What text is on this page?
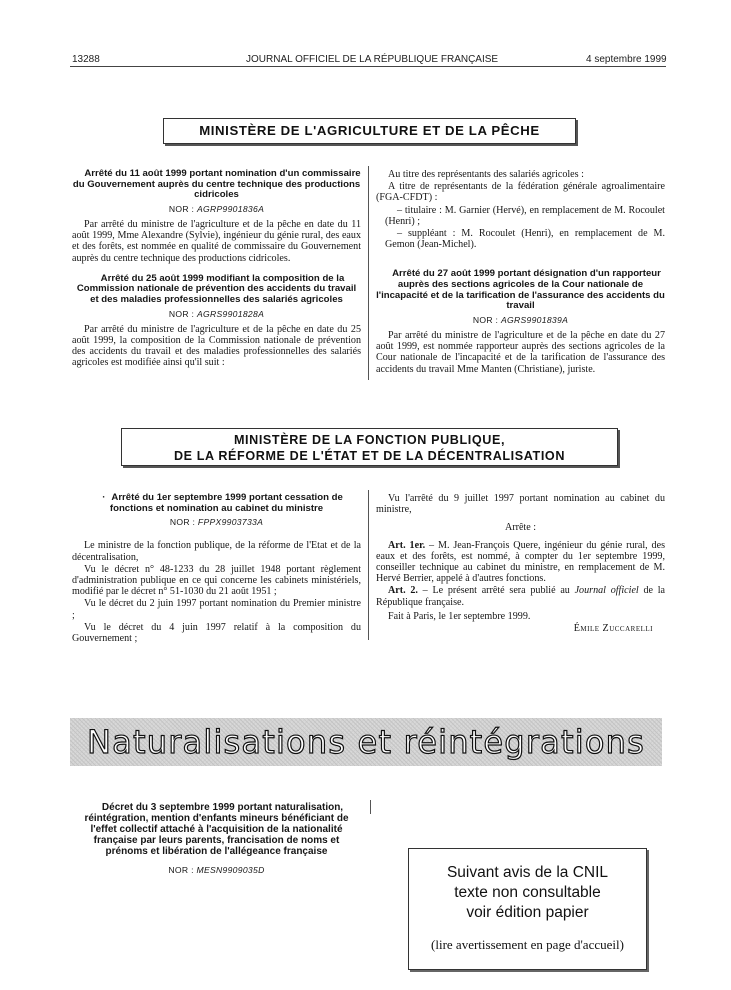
13288	JOURNAL OFFICIEL DE LA RÉPUBLIQUE FRANÇAISE	4 septembre 1999
MINISTÈRE DE L'AGRICULTURE ET DE LA PÊCHE

Arrêté du 11 août 1999 portant nomination d'un commissaire du Gouvernement auprès du centre technique des productions cidricoles

NOR : AGRP9901836A

Par arrêté du ministre de l'agriculture et de la pêche en date du 11 août 1999, Mme Alexandre (Sylvie), ingénieur du génie rural, des eaux et des forêts, est nommée en qualité de commissaire du Gouvernement auprès du centre technique des productions cidricoles.

Arrêté du 25 août 1999 modifiant la composition de la Commission nationale de prévention des accidents du travail et des maladies professionnelles des salariés agricoles

NOR : AGRS9901828A

Par arrêté du ministre de l'agriculture et de la pêche en date du 25 août 1999, la composition de la Commission nationale de prévention des accidents du travail et des maladies professionnelles des salariés agricoles est modifiée ainsi qu'il suit :

Au titre des représentants des salariés agricoles :

A titre de représentants de la fédération générale agroalimentaire (FGA-CFDT) :

– titulaire : M. Garnier (Hervé), en remplacement de M. Rocoulet (Henri) ;

– suppléant : M. Rocoulet (Henri), en remplacement de M. Gemon (Jean-Michel).

Arrêté du 27 août 1999 portant désignation d'un rapporteur auprès des sections agricoles de la Cour nationale de l'incapacité et de la tarification de l'assurance des accidents du travail

NOR : AGRS9901839A

Par arrêté du ministre de l'agriculture et de la pêche en date du 27 août 1999, est nommée rapporteur auprès des sections agricoles de la Cour nationale de l'incapacité et de la tarification de l'assurance des accidents du travail Mme Manten (Christiane), juriste.

MINISTÈRE DE LA FONCTION PUBLIQUE,
DE LA RÉFORME DE L'ÉTAT ET DE LA DÉCENTRALISATION

· Arrêté du 1er septembre 1999 portant cessation de fonctions et nomination au cabinet du ministre

NOR : FPPX9903733A

Le ministre de la fonction publique, de la réforme de l'Etat et de la décentralisation,

Vu le décret n° 48-1233 du 28 juillet 1948 portant règlement d'administration publique en ce qui concerne les cabinets ministériels, modifié par le décret n° 51-1030 du 21 août 1951 ;

Vu le décret du 2 juin 1997 portant nomination du Premier ministre ;

Vu le décret du 4 juin 1997 relatif à la composition du Gouvernement ;

Vu l'arrêté du 9 juillet 1997 portant nomination au cabinet du ministre,

Arrête :

Art. 1er. – M. Jean-François Quere, ingénieur du génie rural, des eaux et des forêts, est nommé, à compter du 1er septembre 1999, conseiller technique au cabinet du ministre, en remplacement de M. Hervé Berrier, appelé à d'autres fonctions.

Art. 2. – Le présent arrêté sera publié au Journal officiel de la République française.

Fait à Paris, le 1er septembre 1999.

Émile Zuccarelli

Naturalisations et réintégrations

Décret du 3 septembre 1999 portant naturalisation, réintégration, mention d'enfants mineurs bénéficiant de l'effet collectif attaché à l'acquisition de la nationalité française par leurs parents, francisation de noms et prénoms et libération de l'allégeance française

NOR : MESN9909035D	Suivant avis de la CNIL
texte non consultable
voir édition papier
(lire avertissement en page d'accueil)
